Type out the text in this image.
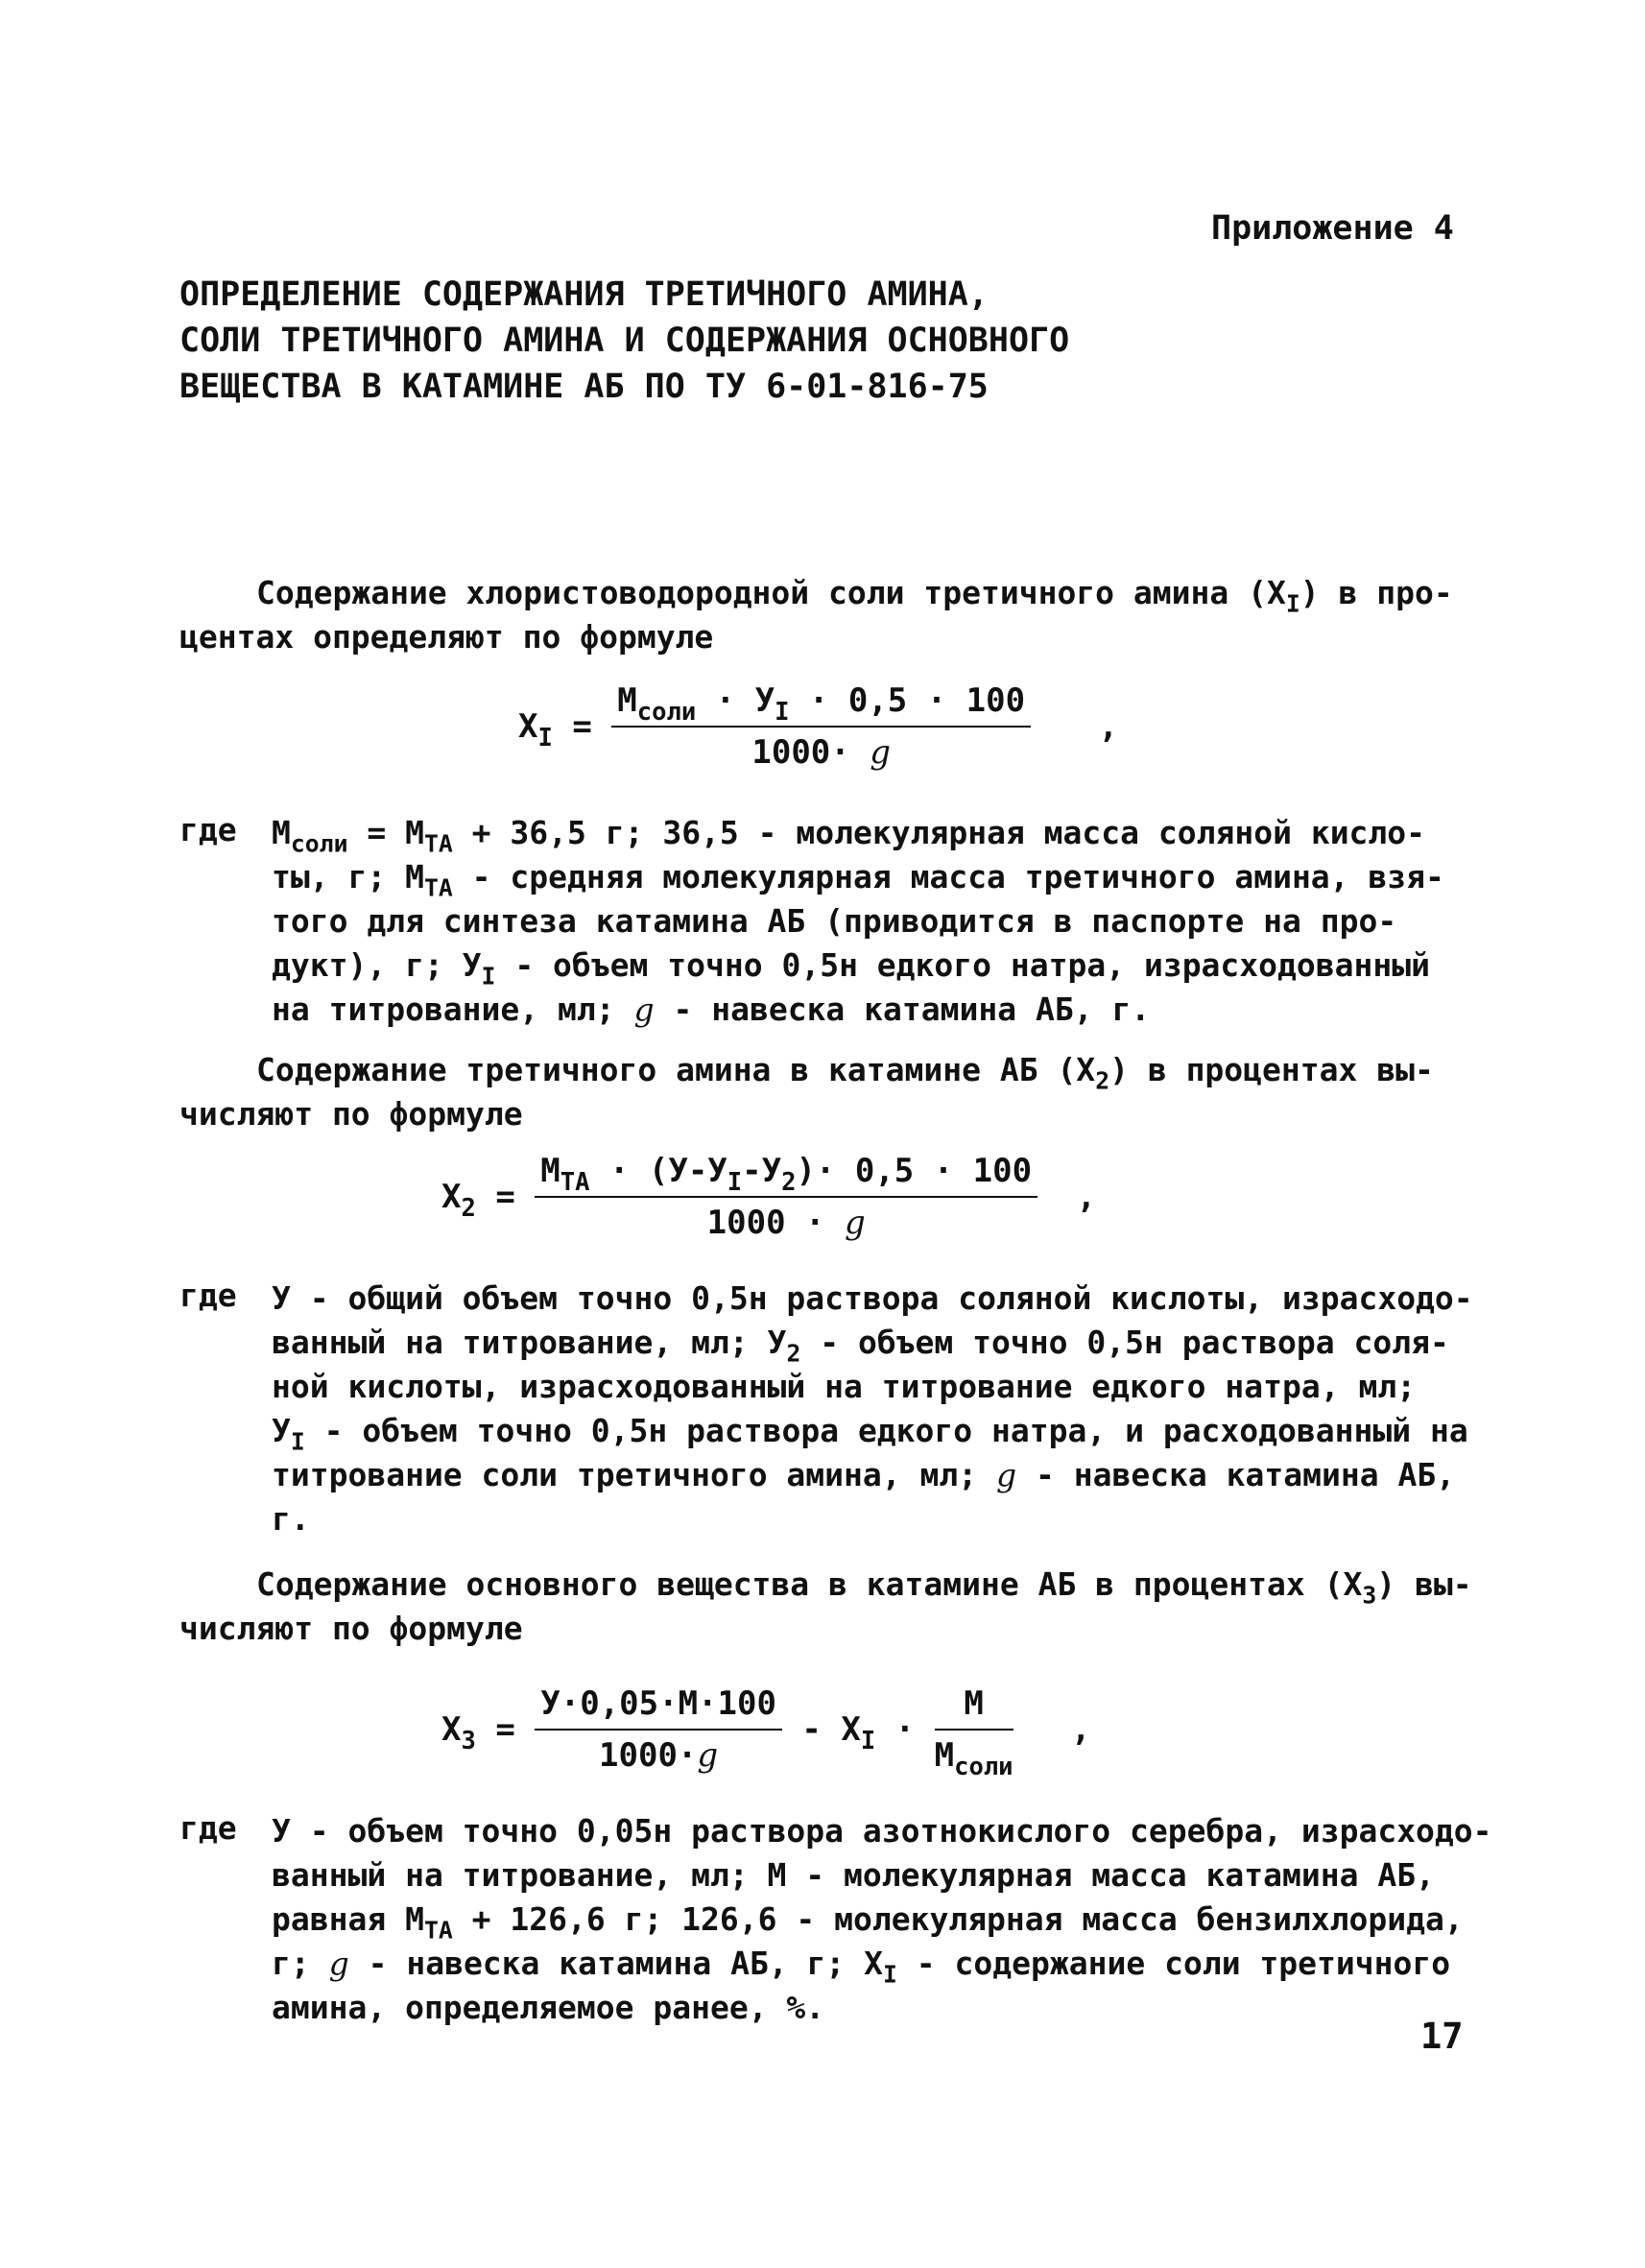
Приложение 4
ОПРЕДЕЛЕНИЕ СОДЕРЖАНИЯ ТРЕТИЧНОГО АМИНА,
СОЛИ ТРЕТИЧНОГО АМИНА И СОДЕРЖАНИЯ ОСНОВНОГО
ВЕЩЕСТВА В КАТАМИНЕ АБ ПО ТУ 6-01-816-75
Содержание хлористоводородной соли третичного амина $(X_I)$ в про-
центах определяют по формуле
$X_I = \frac{M_{соли} \cdot У_I \cdot 0,5 \cdot 100}{1000\cdot g}$ ,
где $M_{соли} = M_{ТА} + 36,5$ г; 36,5 - молекулярная масса соляной кисло-
ты, г; $M_{ТА}$ - средняя молекулярная масса третичного амина, взя-
того для синтеза катамина АБ (приводится в паспорте на про-
дукт), г; $У_I$ - объем точно 0,5н едкого натра, израсходованный
на титрование, мл; g - навеска катамина АБ, г.
Содержание третичного амина в катамине АБ $(X_2)$ в процентах вы-
числяют по формуле
$X_2 = \frac{M_{ТА} \cdot (У-У_I-У_2)\cdot 0,5 \cdot 100}{1000 \cdot g}$ ,
где У - общий объем точно 0,5н раствора соляной кислоты, израсходо-
ванный на титрование, мл; $У_2$ - объем точно 0,5н раствора соля-
ной кислоты, израсходованный на титрование едкого натра, мл;
$У_I$ - объем точно 0,5н раствора едкого натра, и расходованный на
титрование соли третичного амина, мл; g - навеска катамина АБ,
г.
Содержание основного вещества в катамине АБ в процентах $(X_3)$ вы-
числяют по формуле
$X_3 = \frac{У\cdot 0,05\cdot M\cdot 100}{1000\cdot g} - X_I \cdot \frac{M}{M_{соли}}$ ,
где У - объем точно 0,05н раствора азотнокислого серебра, израсходо-
ванный на титрование, мл; M - молекулярная масса катамина АБ,
равная $M_{ТА} + 126,6$ г; 126,6 - молекулярная масса бензилхлорида,
г; g - навеска катамина АБ, г; $X_I$ - содержание соли третичного
амина, определяемое ранее, %.
17
